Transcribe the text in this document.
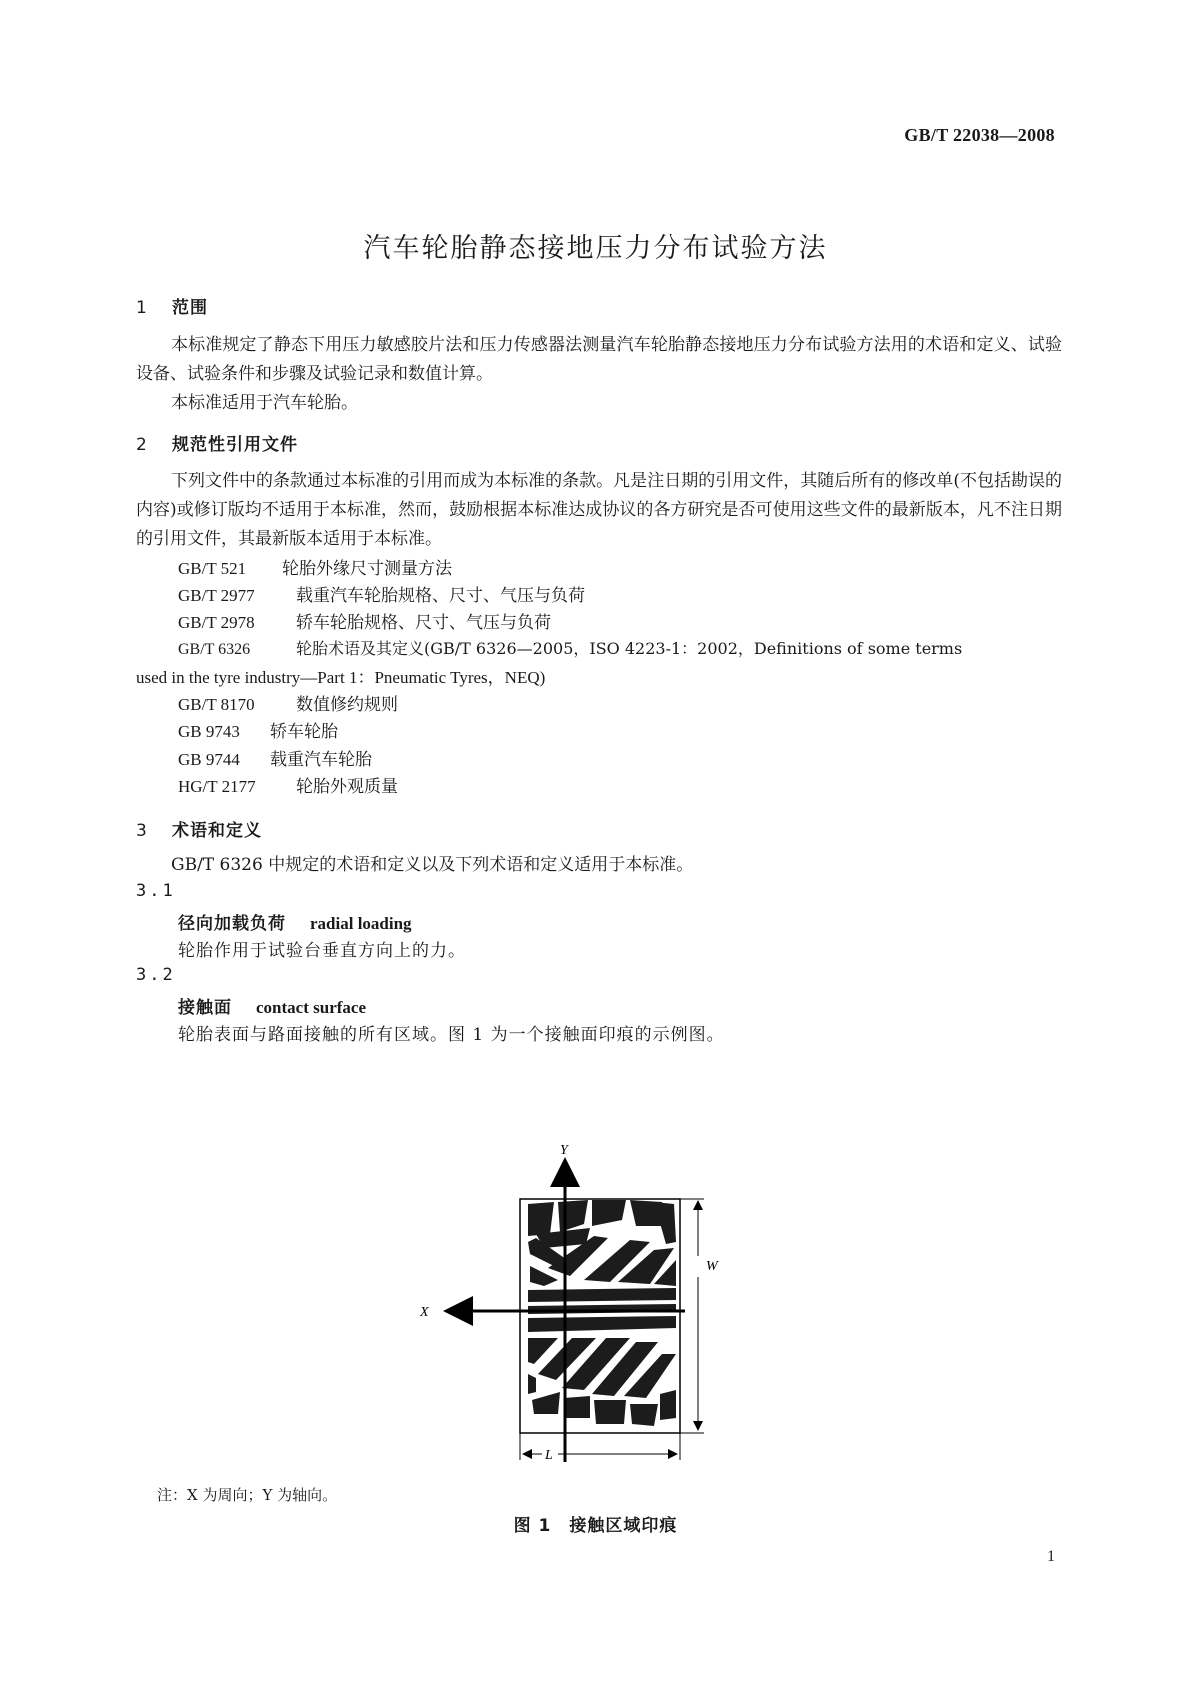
GB/T 22038—2008
汽车轮胎静态接地压力分布试验方法
1 范围
本标准规定了静态下用压力敏感胶片法和压力传感器法测量汽车轮胎静态接地压力分布试验方法用的术语和定义、试验设备、试验条件和步骤及试验记录和数值计算。
本标准适用于汽车轮胎。
2 规范性引用文件
下列文件中的条款通过本标准的引用而成为本标准的条款。凡是注日期的引用文件，其随后所有的修改单(不包括勘误的内容)或修订版均不适用于本标准，然而，鼓励根据本标准达成协议的各方研究是否可使用这些文件的最新版本，凡不注日期的引用文件，其最新版本适用于本标准。
GB/T 521 轮胎外缘尺寸测量方法
GB/T 2977 载重汽车轮胎规格、尺寸、气压与负荷
GB/T 2978 轿车轮胎规格、尺寸、气压与负荷
GB/T 6326	轮胎术语及其定义(GB/T 6326—2005，ISO 4223-1：2002，Definitions of some terms
used in the tyre industry—Part 1：Pneumatic Tyres，NEQ)
GB/T 8170 数值修约规则
GB 9743 轿车轮胎
GB 9744 载重汽车轮胎
HG/T 2177 轮胎外观质量
3 术语和定义
GB/T 6326 中规定的术语和定义以及下列术语和定义适用于本标准。
3.1
径向加载负荷 radial loading
轮胎作用于试验台垂直方向上的力。
3.2
接触面 contact surface
轮胎表面与路面接触的所有区域。图 1 为一个接触面印痕的示例图。
Y
X
W
L
注：X 为周向；Y 为轴向。
图 1　接触区域印痕
1
